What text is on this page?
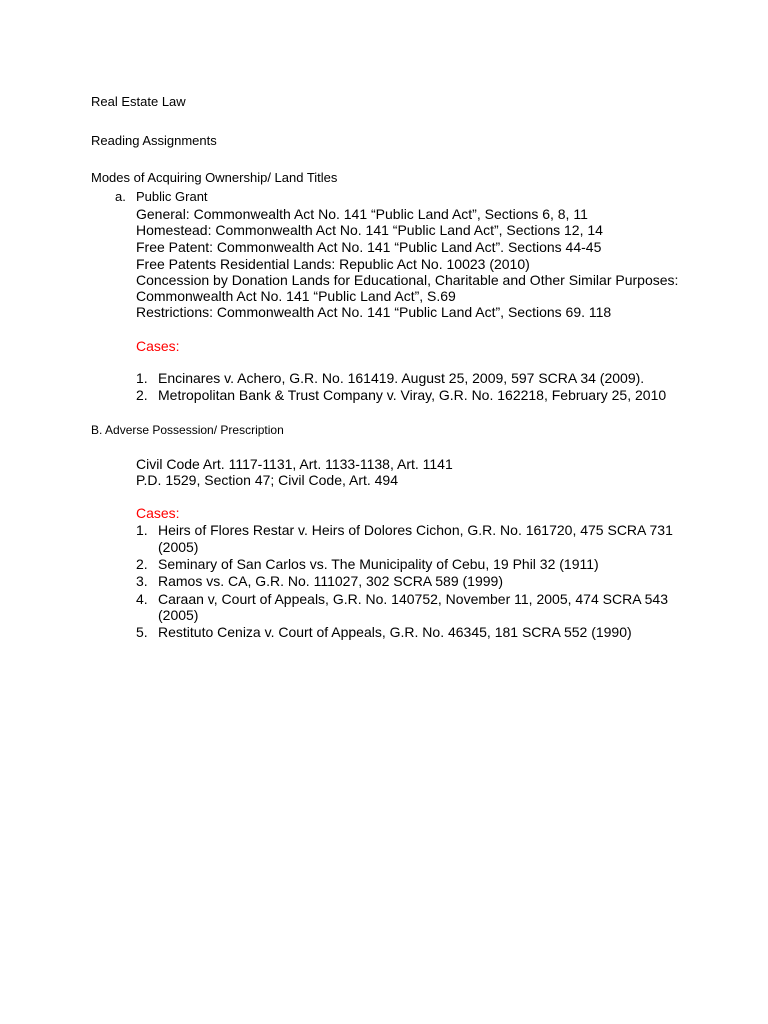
Real Estate Law
Reading Assignments
Modes of Acquiring Ownership/ Land Titles
a. Public Grant
General: Commonwealth Act No. 141 “Public Land Act”, Sections 6, 8, 11
Homestead: Commonwealth Act No. 141 “Public Land Act”, Sections 12, 14
Free Patent: Commonwealth Act No. 141 “Public Land Act”. Sections 44-45
Free Patents Residential Lands: Republic Act No. 10023 (2010)
Concession by Donation Lands for Educational, Charitable and Other Similar Purposes:
Commonwealth Act No. 141 “Public Land Act”, S.69
Restrictions: Commonwealth Act No. 141 “Public Land Act”, Sections 69. 118
Cases:
1. Encinares v. Achero, G.R. No. 161419. August 25, 2009, 597 SCRA 34 (2009).
2. Metropolitan Bank & Trust Company v. Viray, G.R. No. 162218, February 25, 2010
B. Adverse Possession/ Prescription
Civil Code Art. 1117-1131, Art. 1133-1138, Art. 1141
P.D. 1529, Section 47; Civil Code, Art. 494
Cases:
1. Heirs of Flores Restar v. Heirs of Dolores Cichon, G.R. No. 161720, 475 SCRA 731
(2005)
2. Seminary of San Carlos vs. The Municipality of Cebu, 19 Phil 32 (1911)
3. Ramos vs. CA, G.R. No. 111027, 302 SCRA 589 (1999)
4. Caraan v, Court of Appeals, G.R. No. 140752, November 11, 2005, 474 SCRA 543
(2005)
5. Restituto Ceniza v. Court of Appeals, G.R. No. 46345, 181 SCRA 552 (1990)
